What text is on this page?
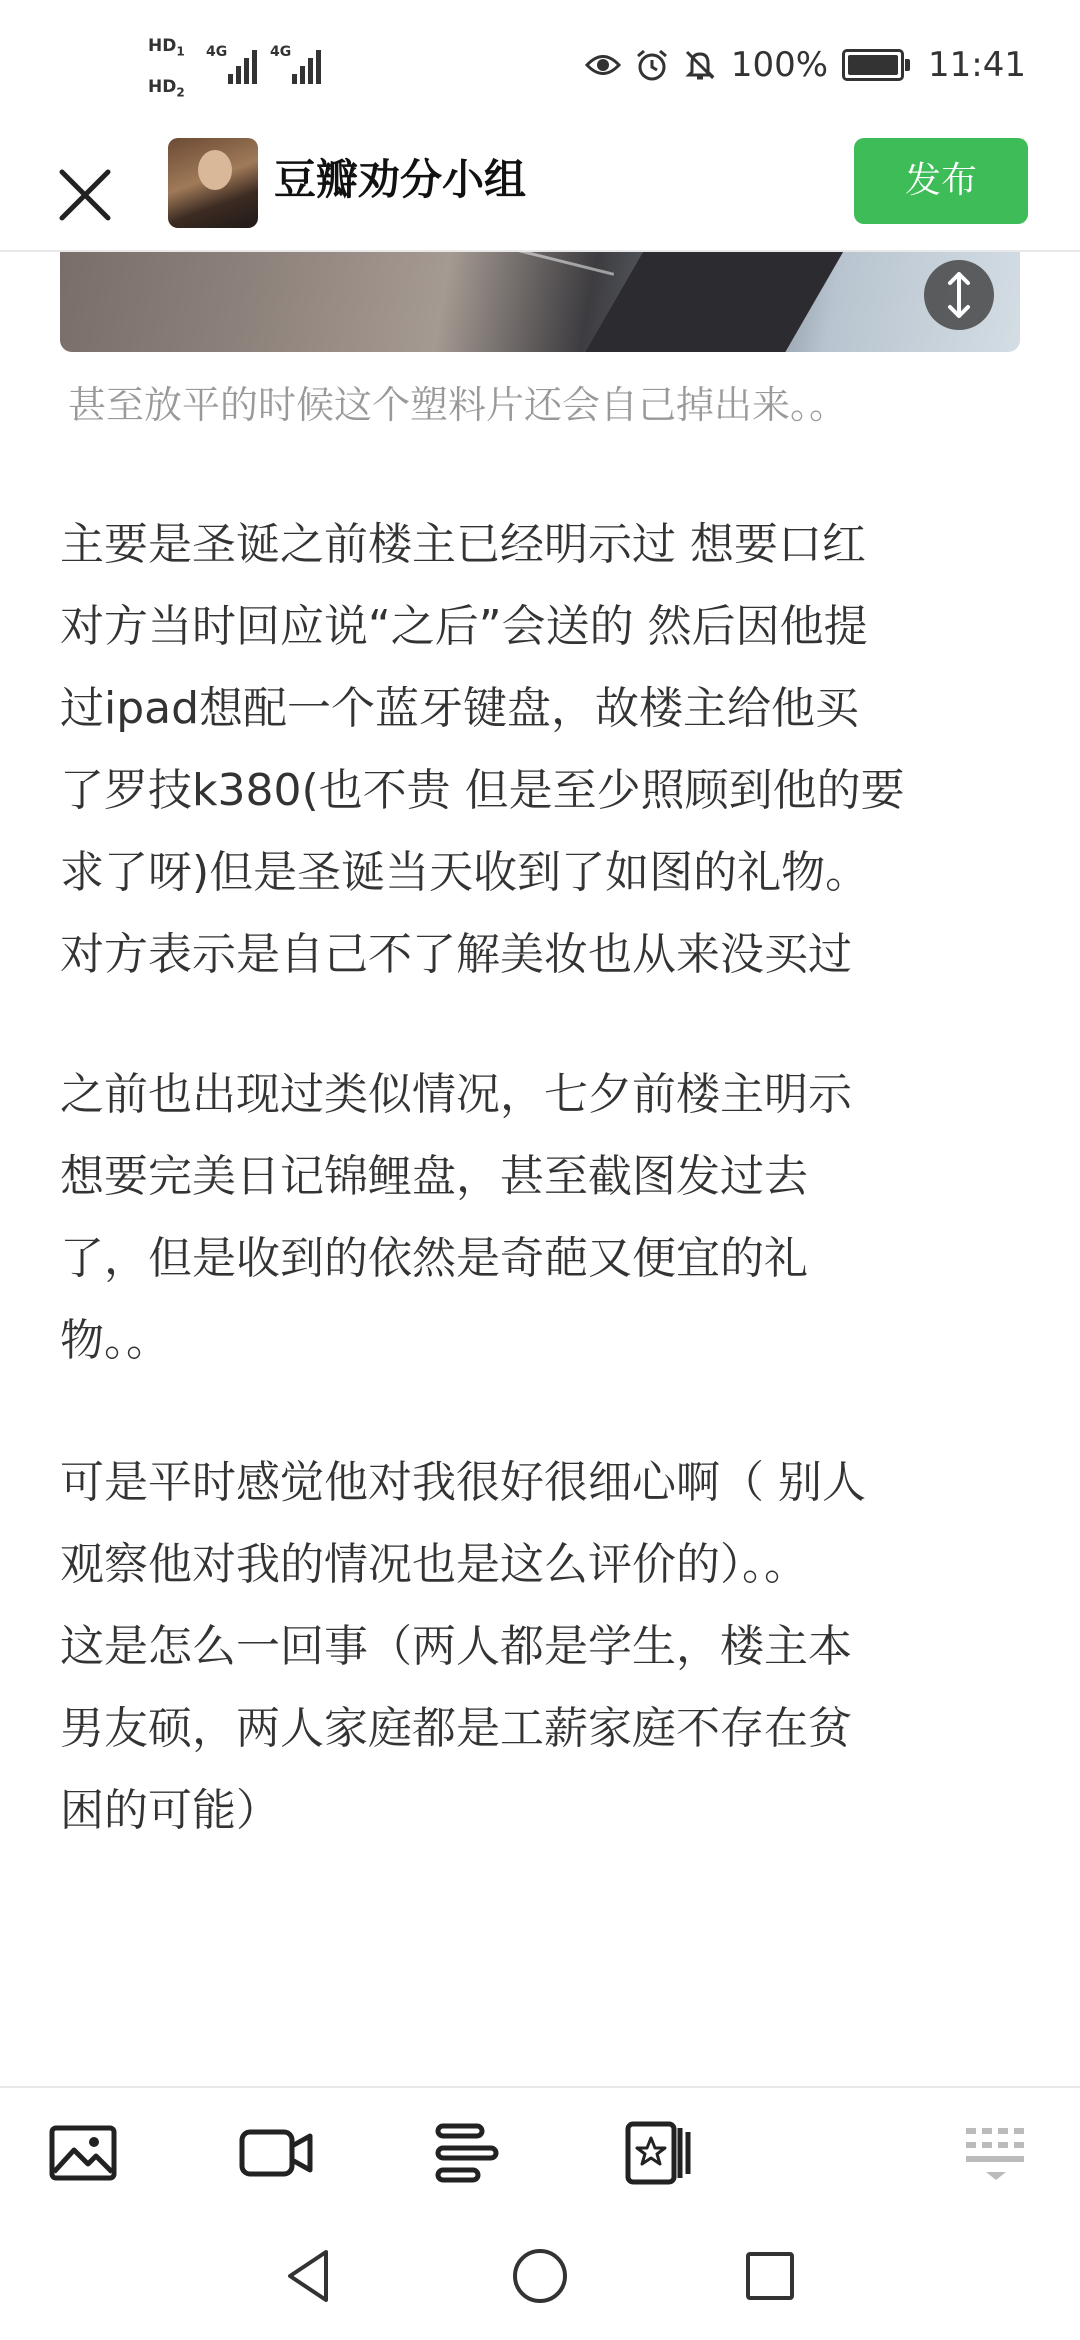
$HD_1$
$HD_2$
4G	4G	100%	11:41
豆瓣劝分小组	发布
甚至放平的时候这个塑料片还会自己掉出来。。
主要是圣诞之前楼主已经明示过 想要口红
对方当时回应说“之后”会送的 然后因他提
过ipad想配一个蓝牙键盘，故楼主给他买
了罗技k380(也不贵 但是至少照顾到他的要
求了呀)但是圣诞当天收到了如图的礼物。
对方表示是自己不了解美妆也从来没买过
之前也出现过类似情况，七夕前楼主明示
想要完美日记锦鲤盘，甚至截图发过去
了，但是收到的依然是奇葩又便宜的礼
物。。
可是平时感觉他对我很好很细心啊（ 别人
观察他对我的情况也是这么评价的）。。
这是怎么一回事（两人都是学生，楼主本
男友硕，两人家庭都是工薪家庭不存在贫
困的可能）
